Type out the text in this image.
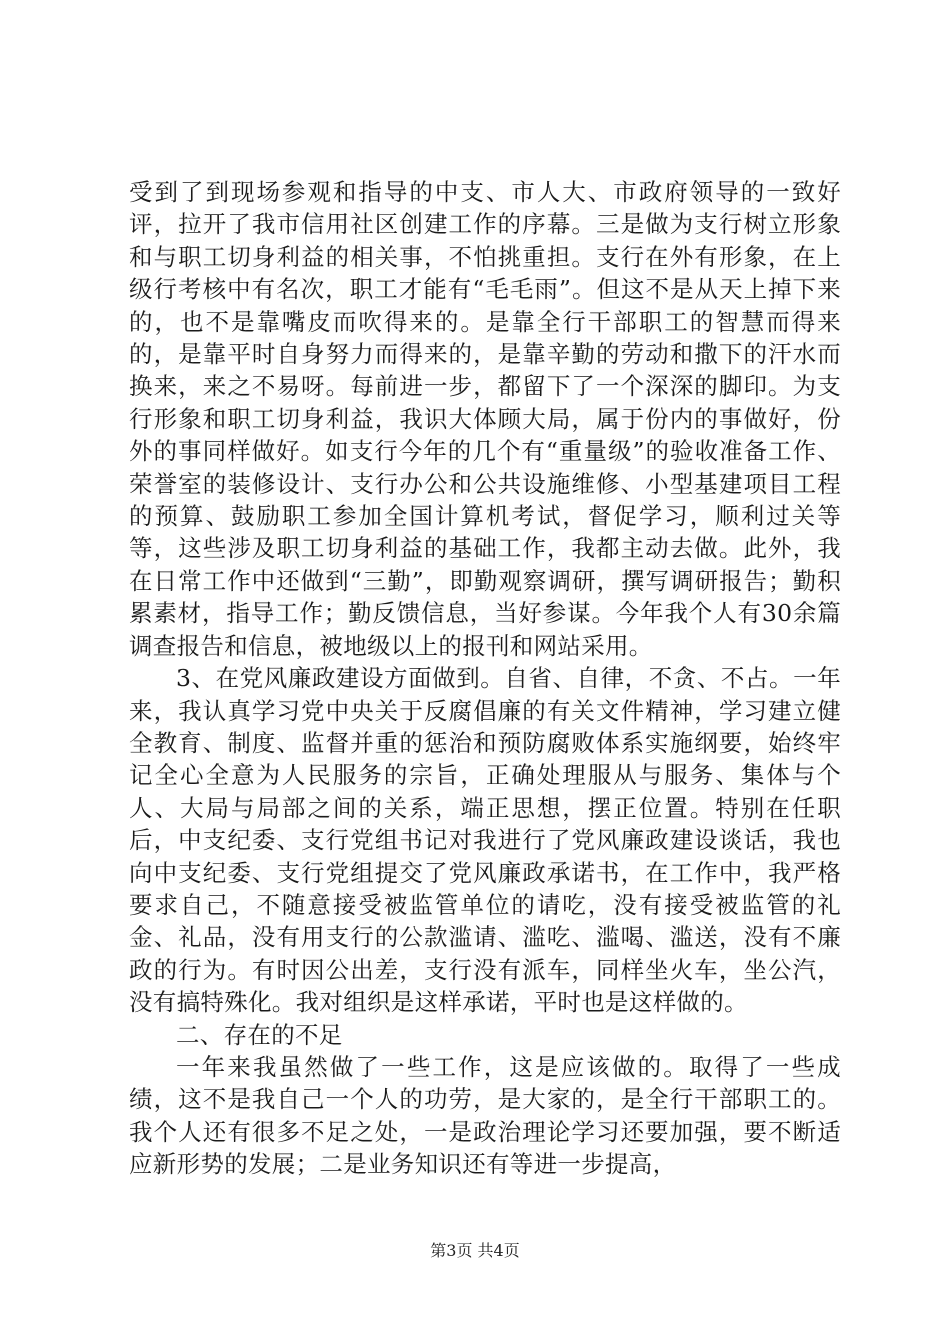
受到了到现场参观和指导的中支、市人大、市政府领导的一致好评，拉开了我市信用社区创建工作的序幕。三是做为支行树立形象和与职工切身利益的相关事，不怕挑重担。支行在外有形象，在上级行考核中有名次，职工才能有“毛毛雨”。但这不是从天上掉下来的，也不是靠嘴皮而吹得来的。是靠全行干部职工的智慧而得来的，是靠平时自身努力而得来的，是靠辛勤的劳动和撒下的汗水而换来，来之不易呀。每前进一步，都留下了一个深深的脚印。为支行形象和职工切身利益，我识大体顾大局，属于份内的事做好，份外的事同样做好。如支行今年的几个有“重量级”的验收准备工作、荣誉室的装修设计、支行办公和公共设施维修、小型基建项目工程的预算、鼓励职工参加全国计算机考试，督促学习，顺利过关等等，这些涉及职工切身利益的基础工作，我都主动去做。此外，我在日常工作中还做到“三勤”，即勤观察调研，撰写调研报告；勤积累素材，指导工作；勤反馈信息，当好参谋。今年我个人有30余篇调查报告和信息，被地级以上的报刊和网站采用。

3、在党风廉政建设方面做到。自省、自律，不贪、不占。一年来，我认真学习党中央关于反腐倡廉的有关文件精神，学习建立健全教育、制度、监督并重的惩治和预防腐败体系实施纲要，始终牢记全心全意为人民服务的宗旨，正确处理服从与服务、集体与个人、大局与局部之间的关系，端正思想，摆正位置。特别在任职后，中支纪委、支行党组书记对我进行了党风廉政建设谈话，我也向中支纪委、支行党组提交了党风廉政承诺书，在工作中，我严格要求自己，不随意接受被监管单位的请吃，没有接受被监管的礼金、礼品，没有用支行的公款滥请、滥吃、滥喝、滥送，没有不廉政的行为。有时因公出差，支行没有派车，同样坐火车，坐公汽，没有搞特殊化。我对组织是这样承诺，平时也是这样做的。

二、存在的不足

一年来我虽然做了一些工作，这是应该做的。取得了一些成绩，这不是我自己一个人的功劳，是大家的，是全行干部职工的。我个人还有很多不足之处，一是政治理论学习还要加强，要不断适应新形势的发展；二是业务知识还有等进一步提高，

第3页 共4页
